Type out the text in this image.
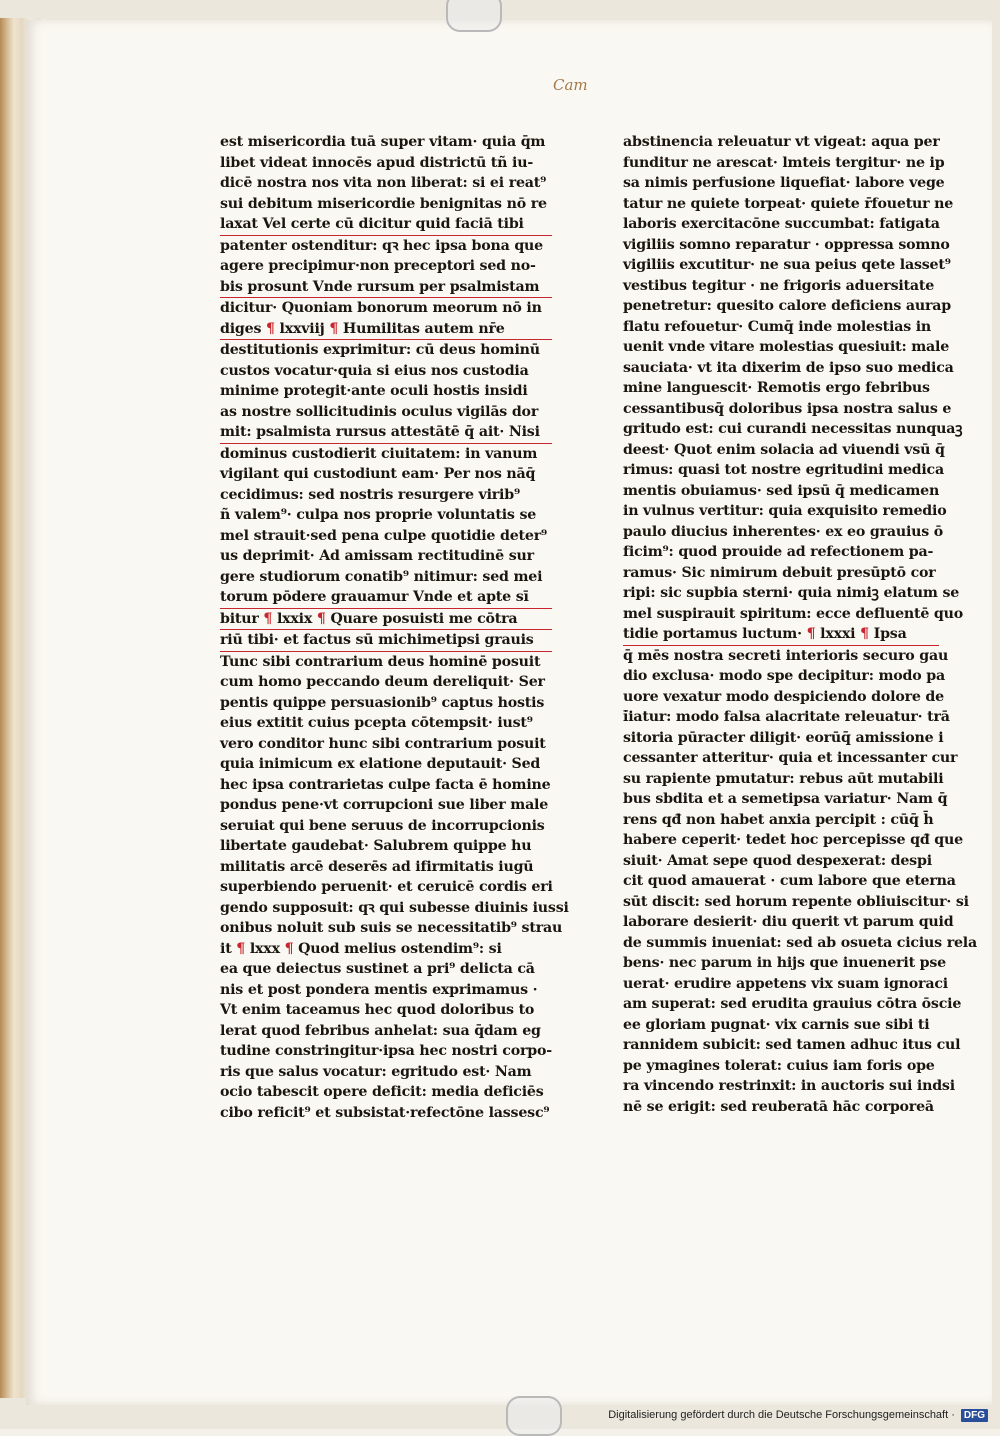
Cam
est misericordia tuā super vitam· quia q̄m
libet videat innocēs apud districtū tñ iu-
dicē nostra nos vita non liberat: si ei reat⁹
sui debitum misericordie benignitas nō re
laxat Vel certe cū dicitur quid faciā tibi
patenter ostenditur: qꝛ hec ipsa bona que
agere precipimur·non preceptori sed no-
bis prosunt Vnde rursum per psalmistam
dicitur· Quoniam bonorum meorum nō in
diges ¶ lxxviij ¶ Humilitas autem nr̄e
destitutionis exprimitur: cū deus hominū
custos vocatur·quia si eius nos custodia
minime protegit·ante oculi hostis insidi
as nostre sollicitudinis oculus vigilās dor
mit: psalmista rursus attestātē q̄ ait· Nisi
dominus custodierit ciuitatem: in vanum
vigilant qui custodiunt eam· Per nos nāq̄
cecidimus: sed nostris resurgere virib⁹
ñ valem⁹· culpa nos proprie voluntatis se
mel strauit·sed pena culpe quotidie deter⁹
us deprimit· Ad amissam rectitudinē sur
gere studiorum conatib⁹ nitimur: sed mei
torum pōdere grauamur Vnde et apte sī
bitur ¶ lxxix ¶ Quare posuisti me cōtra
riū tibi· et factus sū michimetipsi grauis
Tunc sibi contrarium deus hominē posuit
cum homo peccando deum dereliquit· Ser
pentis quippe persuasionib⁹ captus hostis
eius extitit cuius pcepta cōtempsit· iust⁹
vero conditor hunc sibi contrarium posuit
quia inimicum ex elatione deputauit· Sed
hec ipsa contrarietas culpe facta ē homine
pondus pene·vt corrupcioni sue liber male
seruiat qui bene seruus de incorrupcionis
libertate gaudebat· Salubrem quippe hu
militatis arcē deserēs ad ifirmitatis iugū
superbiendo peruenit· et ceruicē cordis eri
gendo supposuit: qꝛ qui subesse diuinis iussi
onibus noluit sub suis se necessitatib⁹ strau
it ¶ lxxx ¶ Quod melius ostendim⁹: si
ea que deiectus sustinet a pri⁹ delicta cā
nis et post pondera mentis exprimamus ·
Vt enim taceamus hec quod doloribus to
lerat quod febribus anhelat: sua q̄dam eg
tudine constringitur·ipsa hec nostri corpo-
ris que salus vocatur: egritudo est· Nam
ocio tabescit opere deficit: media deficiēs
cibo reficit⁹ et subsistat·refectōne lassesc⁹
abstinencia releuatur vt vigeat: aqua per
funditur ne arescat· lmteis tergitur· ne ip
sa nimis perfusione liquefiat· labore vege
tatur ne quiete torpeat· quiete r̄fouetur ne
laboris exercitacōne succumbat: fatigata
vigiliis somno reparatur · oppressa somno
vigiliis excutitur· ne sua peius qete lasset⁹
vestibus tegitur · ne frigoris aduersitate
penetretur: quesito calore deficiens aurap
flatu refouetur· Cumq̄ inde molestias in
uenit vnde vitare molestias quesiuit: male
sauciata· vt ita dixerim de ipso suo medica
mine languescit· Remotis ergo febribus
cessantibusq̄ doloribus ipsa nostra salus e
gritudo est: cui curandi necessitas nunquaꝫ
deest· Quot enim solacia ad viuendi vsū q̄
rimus: quasi tot nostre egritudini medica
mentis obuiamus· sed ipsū q̄ medicamen
in vulnus vertitur: quia exquisito remedio
paulo diucius inherentes· ex eo grauius ō
ficim⁹: quod prouide ad refectionem pa-
ramus· Sic nimirum debuit presūptō cor
ripi: sic supbia sterni· quia nimiꝫ elatum se
mel suspirauit spiritum: ecce defluentē quo
tidie portamus luctum· ¶ lxxxi ¶ Ipsa
q̄ mēs nostra secreti interioris securo gau
dio exclusa· modo spe decipitur: modo pa
uore vexatur modo despiciendo dolore de
i̇̄iatur: modo falsa alacritate releuatur· trā
sitoria pūracter diligit· eorūq̄ amissione i
cessanter atteritur· quia et incessanter cur
su rapiente pmutatur: rebus aūt mutabili
bus sbdita et a semetipsa variatur· Nam q̄
rens qđ non habet anxia percipit : cūq̄ h̄
habere ceperit· tedet hoc percepisse qđ que
siuit· Amat sepe quod despexerat: despi
cit quod amauerat · cum labore que eterna
sūt discit: sed horum repente obliuiscitur· si
laborare desierit· diu querit vt parum quid
de summis inueniat: sed ab osueta cicius rela
bens· nec parum in hijs que inuenerit pse
uerat· erudire appetens vix suam ignoraci
am superat: sed erudita grauius cōtra ōscie
ee gloriam pugnat· vix carnis sue sibi ti
rannidem subicit: sed tamen adhuc itus cul
pe ymagines tolerat: cuius iam foris ope
ra vincendo restrinxit: in auctoris sui indsi
nē se erigit: sed reuberatā hāc corporeā
Digitalisierung gefördert durch die Deutsche Forschungsgemeinschaft · DFG
